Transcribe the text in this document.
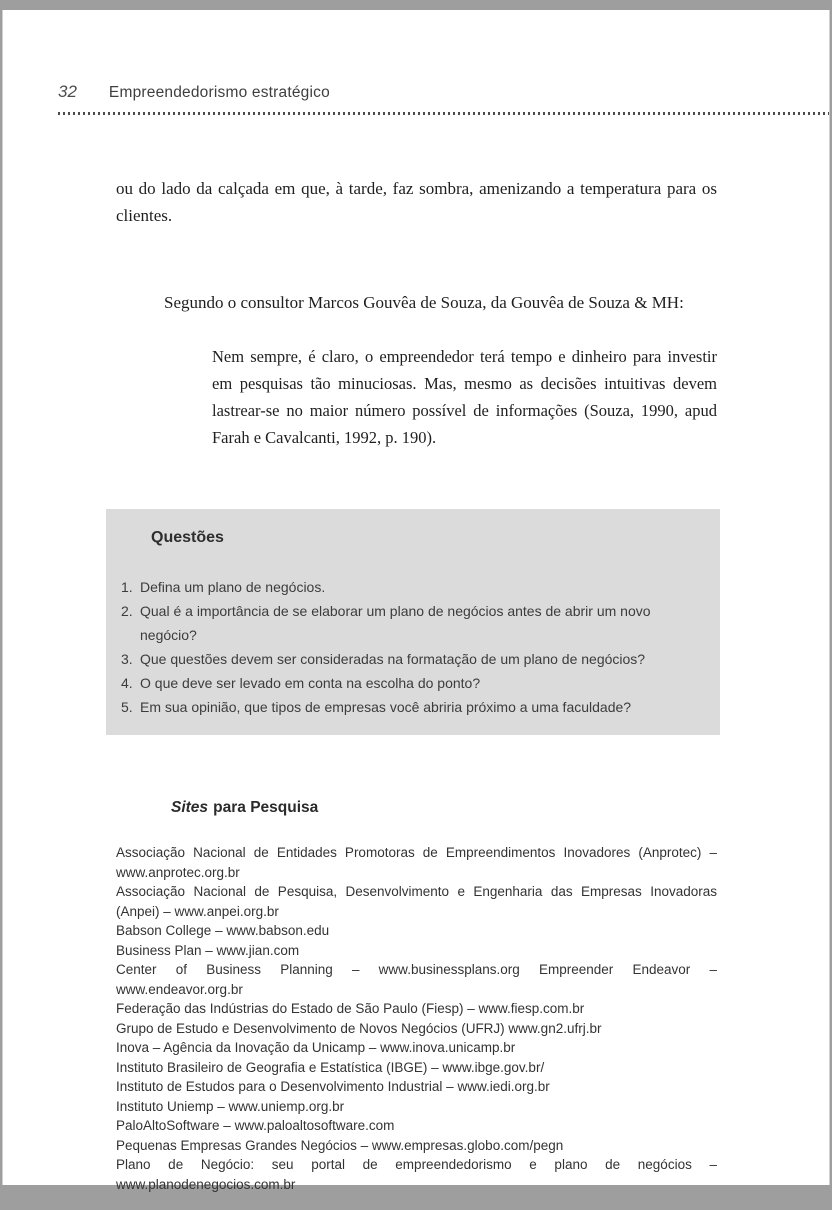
32 Empreendedorismo estratégico

ou do lado da calçada em que, à tarde, faz sombra, amenizando a temperatura para os clientes.

Segundo o consultor Marcos Gouvêa de Souza, da Gouvêa de Souza & MH:

Nem sempre, é claro, o empreendedor terá tempo e dinheiro para investir em pesquisas tão minuciosas. Mas, mesmo as decisões intuitivas devem lastrear-se no maior número possível de informações (Souza, 1990, apud Farah e Cavalcanti, 1992, p. 190).
Questões
Defina um plano de negócios.
Qual é a importância de se elaborar um plano de negócios antes de abrir um novo negócio?
Que questões devem ser consideradas na formatação de um plano de negócios?
O que deve ser levado em conta na escolha do ponto?
Em sua opinião, que tipos de empresas você abriria próximo a uma faculdade?
Sites para Pesquisa

Associação Nacional de Entidades Promotoras de Empreendimentos Inovadores (Anprotec) – www.anprotec.org.br

Associação Nacional de Pesquisa, Desenvolvimento e Engenharia das Empresas Inovadoras (Anpei) – www.anpei.org.br

Babson College – www.babson.edu

Business Plan – www.jian.com

Center of Business Planning – www.businessplans.org Empreender Endeavor – www.endeavor.org.br

Federação das Indústrias do Estado de São Paulo (Fiesp) – www.fiesp.com.br

Grupo de Estudo e Desenvolvimento de Novos Negócios (UFRJ) www.gn2.ufrj.br

Inova – Agência da Inovação da Unicamp – www.inova.unicamp.br

Instituto Brasileiro de Geografia e Estatística (IBGE) – www.ibge.gov.br/

Instituto de Estudos para o Desenvolvimento Industrial – www.iedi.org.br

Instituto Uniemp – www.uniemp.org.br

PaloAltoSoftware – www.paloaltosoftware.com

Pequenas Empresas Grandes Negócios – www.empresas.globo.com/pegn

Plano de Negócio: seu portal de empreendedorismo e plano de negócios – www.planodenegocios.com.br
